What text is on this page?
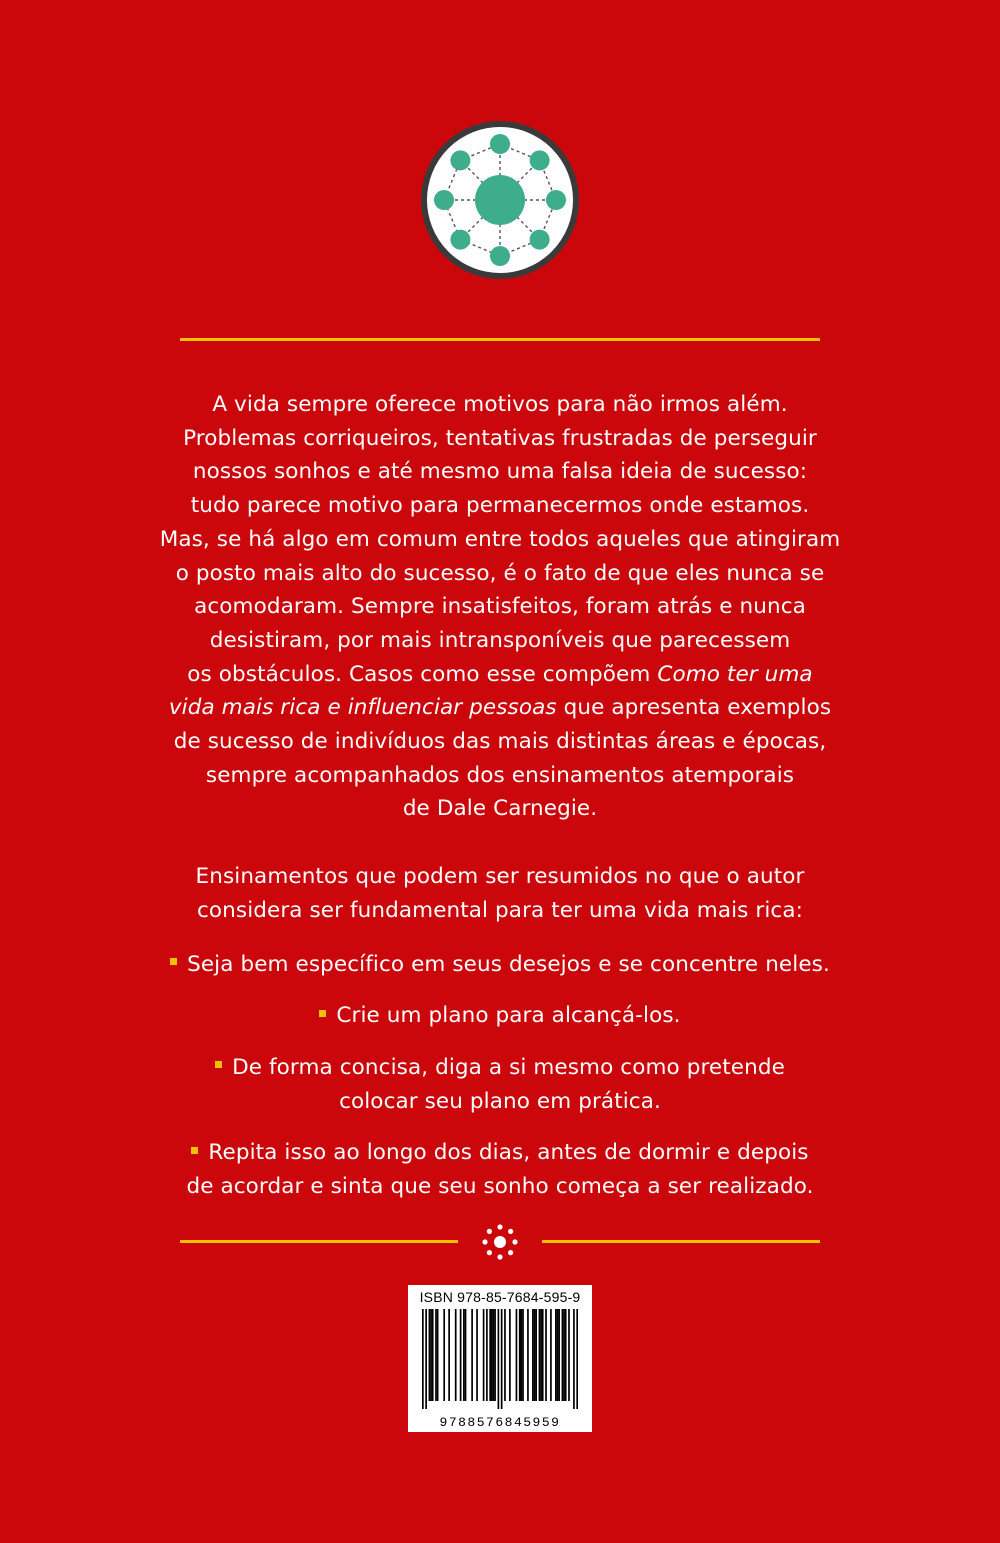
A vida sempre oferece motivos para não irmos além.
Problemas corriqueiros, tentativas frustradas de perseguir
nossos sonhos e até mesmo uma falsa ideia de sucesso:
tudo parece motivo para permanecermos onde estamos.
Mas, se há algo em comum entre todos aqueles que atingiram
o posto mais alto do sucesso, é o fato de que eles nunca se
acomodaram. Sempre insatisfeitos, foram atrás e nunca
desistiram, por mais intransponíveis que parecessem
os obstáculos. Casos como esse compõem Como ter uma
vida mais rica e influenciar pessoas que apresenta exemplos
de sucesso de indivíduos das mais distintas áreas e épocas,
sempre acompanhados dos ensinamentos atemporais
de Dale Carnegie.

Ensinamentos que podem ser resumidos no que o autor
considera ser fundamental para ter uma vida mais rica:

Seja bem específico em seus desejos e se concentre neles.
Crie um plano para alcançá-los.
De forma concisa, diga a si mesmo como pretende
colocar seu plano em prática.
Repita isso ao longo dos dias, antes de dormir e depois
de acordar e sinta que seu sonho começa a ser realizado.
ISBN 978-85-7684-595-9
9788576845959
